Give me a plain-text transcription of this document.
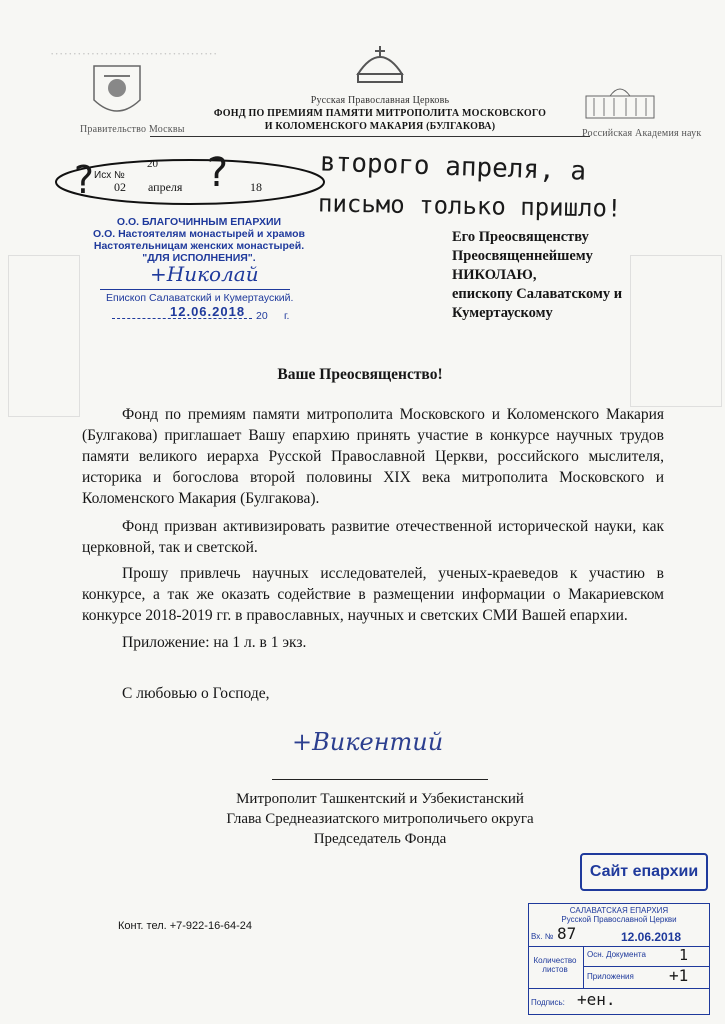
·····································
Правительство Москвы
Русская Православная Церковь
ФОНД ПО ПРЕМИЯМ ПАМЯТИ МИТРОПОЛИТА МОСКОВСКОГО
И КОЛОМЕНСКОГО МАКАРИЯ (БУЛГАКОВА)
Российская Академия наук
Исх №
20
02 апреля	18
?	?	второго апреля, а
письмо только пришло!
О.О. БЛАГОЧИННЫМ ЕПАРХИИ
О.О. Настоятелям монастырей и храмов
Настоятельницам женских монастырей.
"ДЛЯ ИСПОЛНЕНИЯ".
+Николай
Епископ Салаватский и Кумертауский.
12.06.2018 20 г.
Его Преосвященству
Преосвященнейшему
НИКОЛАЮ,
епископу Салаватскому и
Кумертаускому
Ваше Преосвященство!
Фонд по премиям памяти митрополита Московского и Коломенского Макария (Булгакова) приглашает Вашу епархию принять участие в конкурсе научных трудов памяти великого иерарха Русской Православной Церкви, российского мыслителя, историка и богослова второй половины XIX века митрополита Московского и Коломенского Макария (Булгакова).
Фонд призван активизировать развитие отечественной исторической науки, как церковной, так и светской.
Прошу привлечь научных исследователей, ученых-краеведов к участию в конкурсе, а так же оказать содействие в размещении информации о Макариевском конкурсе 2018-2019 гг. в православных, научных и светских СМИ Вашей епархии.
Приложение: на 1 л. в 1 экз.
С любовью о Господе,
+Викентий
Митрополит Ташкентский и Узбекистанский
Глава Среднеазиатского митрополичьего округа
Председатель Фонда
Конт. тел. +7-922-16-64-24
Сайт епархии
САЛАВАТСКАЯ ЕПАРХИЯ
Русской Православной Церкви
Вх. № 87	12.06.2018
Количество листов
Осн. Документа 1
Приложения +1
Подпись: +ен.
